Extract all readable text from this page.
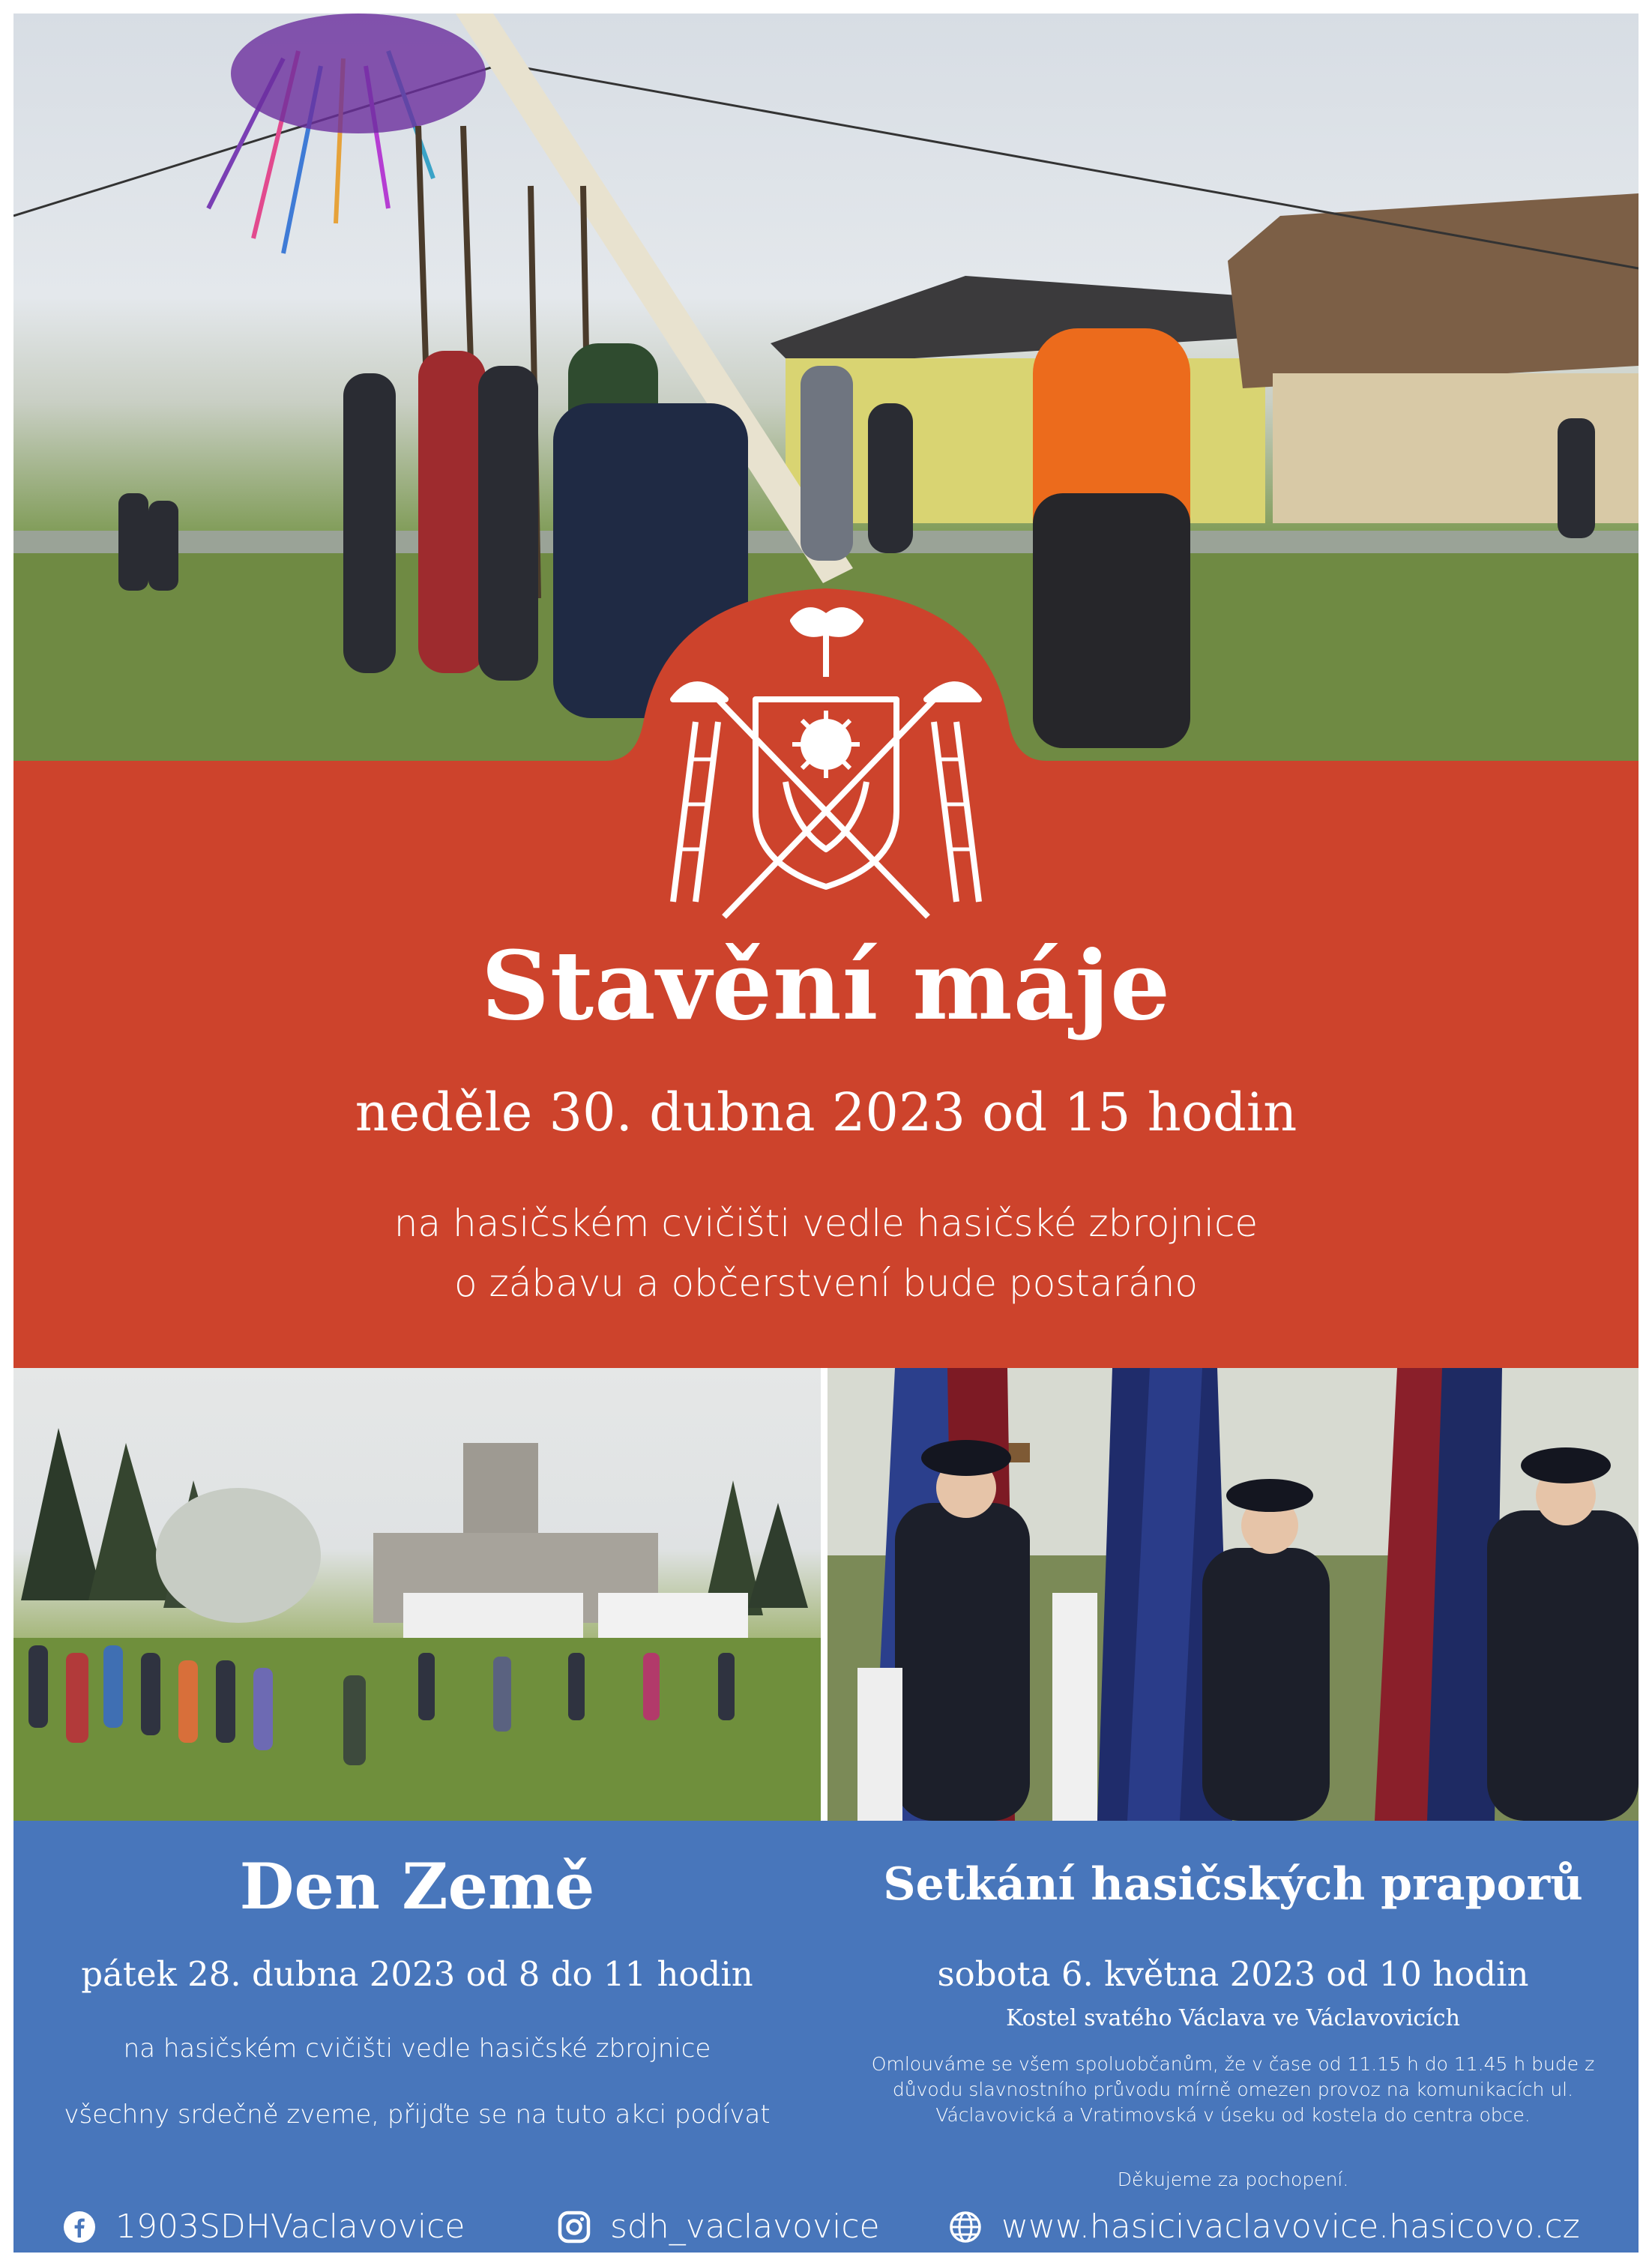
Stavění máje
neděle 30. dubna 2023 od 15 hodin
na hasičském cvičišti vedle hasičské zbrojnice
o zábavu a občerstvení bude postaráno
Den Země
pátek 28. dubna 2023 od 8 do 11 hodin
na hasičském cvičišti vedle hasičské zbrojnice
všechny srdečně zveme, přijďte se na tuto akci podívat
Setkání hasičských praporů
sobota 6. května 2023 od 10 hodin
Kostel svatého Václava ve Václavovicích
Omlouváme se všem spoluobčanům, že v čase od 11.15 h do 11.45 h bude z důvodu slavnostního průvodu mírně omezen provoz na komunikacích ul. Václavovická a Vratimovská v úseku od kostela do centra obce.
Děkujeme za pochopení.
1903SDHVaclavovice	sdh_vaclavovice	www.hasicivaclavovice.hasicovo.cz
